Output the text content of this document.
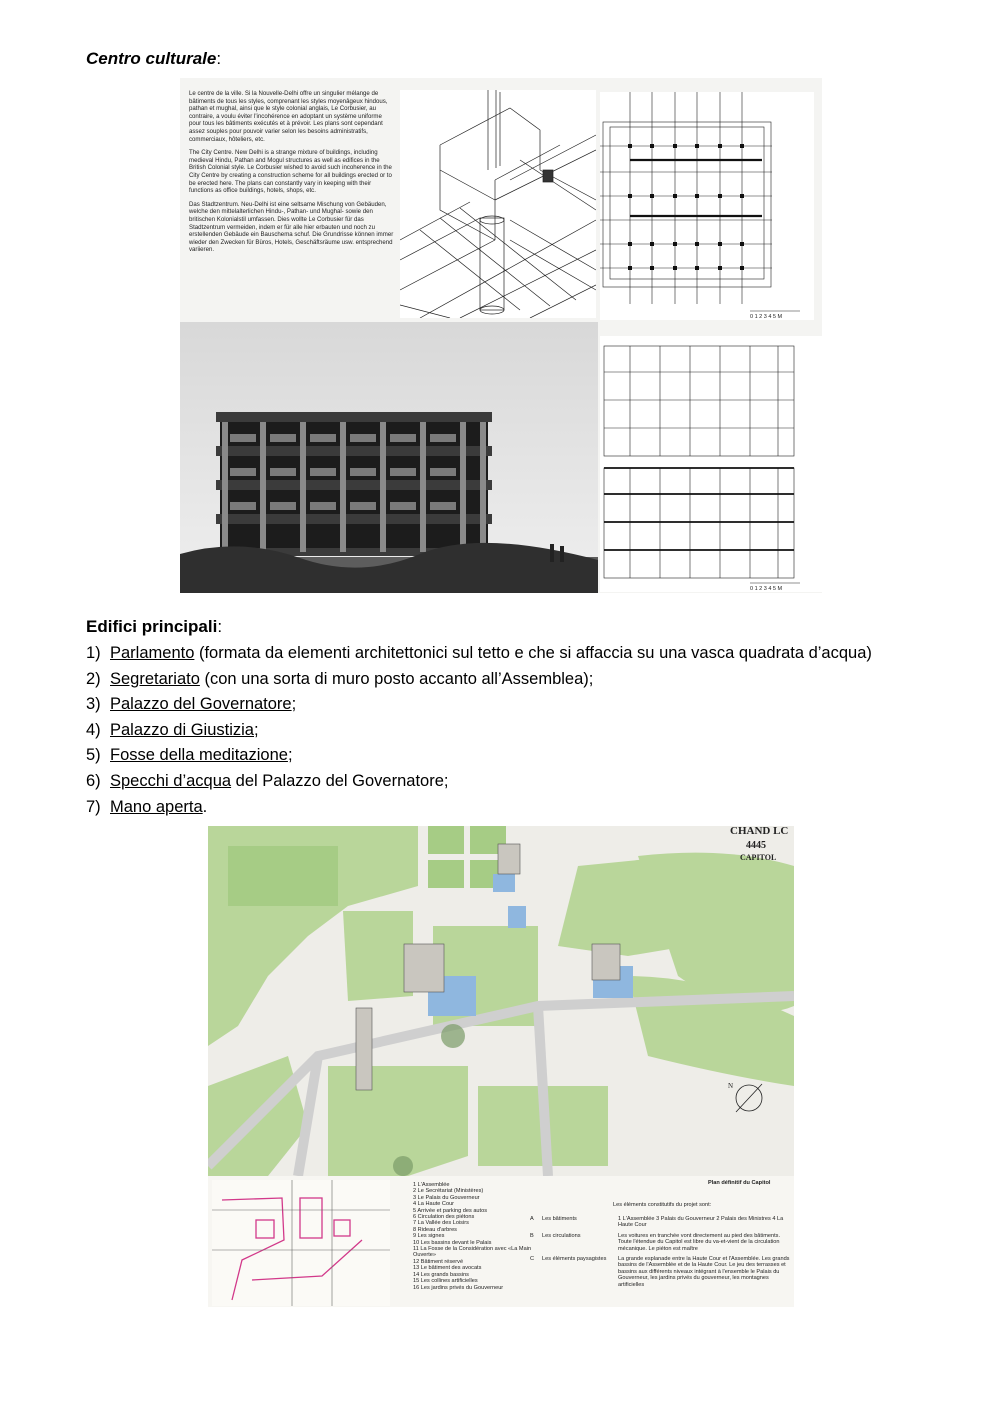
Centro culturale:

Le centre de la ville. Si la Nouvelle-Delhi offre un singulier mélange de bâtiments de tous les styles, comprenant les styles moyenâgeux hindous, pathan et mughal, ainsi que le style colonial anglais, Le Corbusier, au contraire, a voulu éviter l'incohérence en adoptant un système uniforme pour tous les bâtiments exécutés et à prévoir. Les plans sont cependant assez souples pour pouvoir varier selon les besoins administratifs, commerciaux, hôteliers, etc.

The City Centre. New Delhi is a strange mixture of buildings, including medieval Hindu, Pathan and Mogul structures as well as edifices in the British Colonial style. Le Corbusier wished to avoid such incoherence in the City Centre by creating a construction scheme for all buildings erected or to be erected here. The plans can constantly vary in keeping with their functions as office buildings, hotels, shops, etc.

Das Stadtzentrum. Neu-Delhi ist eine seltsame Mischung von Gebäuden, welche den mittelalterlichen Hindu-, Pathan- und Mughal- sowie den britischen Kolonialstil umfassen. Dies wollte Le Corbusier für das Stadtzentrum vermeiden, indem er für alle hier erbauten und noch zu erstellenden Gebäude ein Bauschema schuf. Die Grundrisse können immer wieder den Zwecken für Büros, Hotels, Geschäftsräume usw. entsprechend variieren.

0 1 2 3 4 5 M
0 1 2 3 4 5 M
Edifici principali:
1) Parlamento (formata da elementi architettonici sul tetto e che si affaccia su una vasca quadrata d’acqua)
2) Segretariato (con una sorta di muro posto accanto all’Assemblea);
3) Palazzo del Governatore;
4) Palazzo di Giustizia;
5) Fosse della meditazione;
6) Specchi d’acqua del Palazzo del Governatore;
7) Mano aperta.
CHAND LC
4445
CAPITOL
N
1 L'Assemblée
2 Le Secrétariat (Ministères)
3 Le Palais du Gouverneur
4 La Haute Cour
5 Arrivée et parking des autos
6 Circulation des piétons
7 La Vallée des Loisirs
8 Rideau d'arbres
9 Les signes
10 Les bassins devant le Palais
11 La Fosse de la Considération avec «La Main Ouverte»
12 Bâtiment réservé
13 Le bâtiment des avocats
14 Les grands bassins
15 Les collines artificielles
16 Les jardins privés du Gouverneur
Plan définitif du Capitol
Les éléments constitutifs du projet sont:
A	Les bâtiments	1 L'Assemblée 3 Palais du Gouverneur 2 Palais des Ministres 4 La Haute Cour
B	Les circulations	Les voitures en tranchée vont directement au pied des bâtiments. Toute l'étendue du Capitol est libre du va-et-vient de la circulation mécanique. Le piéton est maître
C	Les éléments paysagistes	La grande esplanade entre la Haute Cour et l'Assemblée. Les grands bassins de l'Assemblée et de la Haute Cour. Le jeu des terrasses et bassins aux différents niveaux intégrant à l'ensemble le Palais du Gouverneur, les jardins privés du gouverneur, les montagnes artificielles
